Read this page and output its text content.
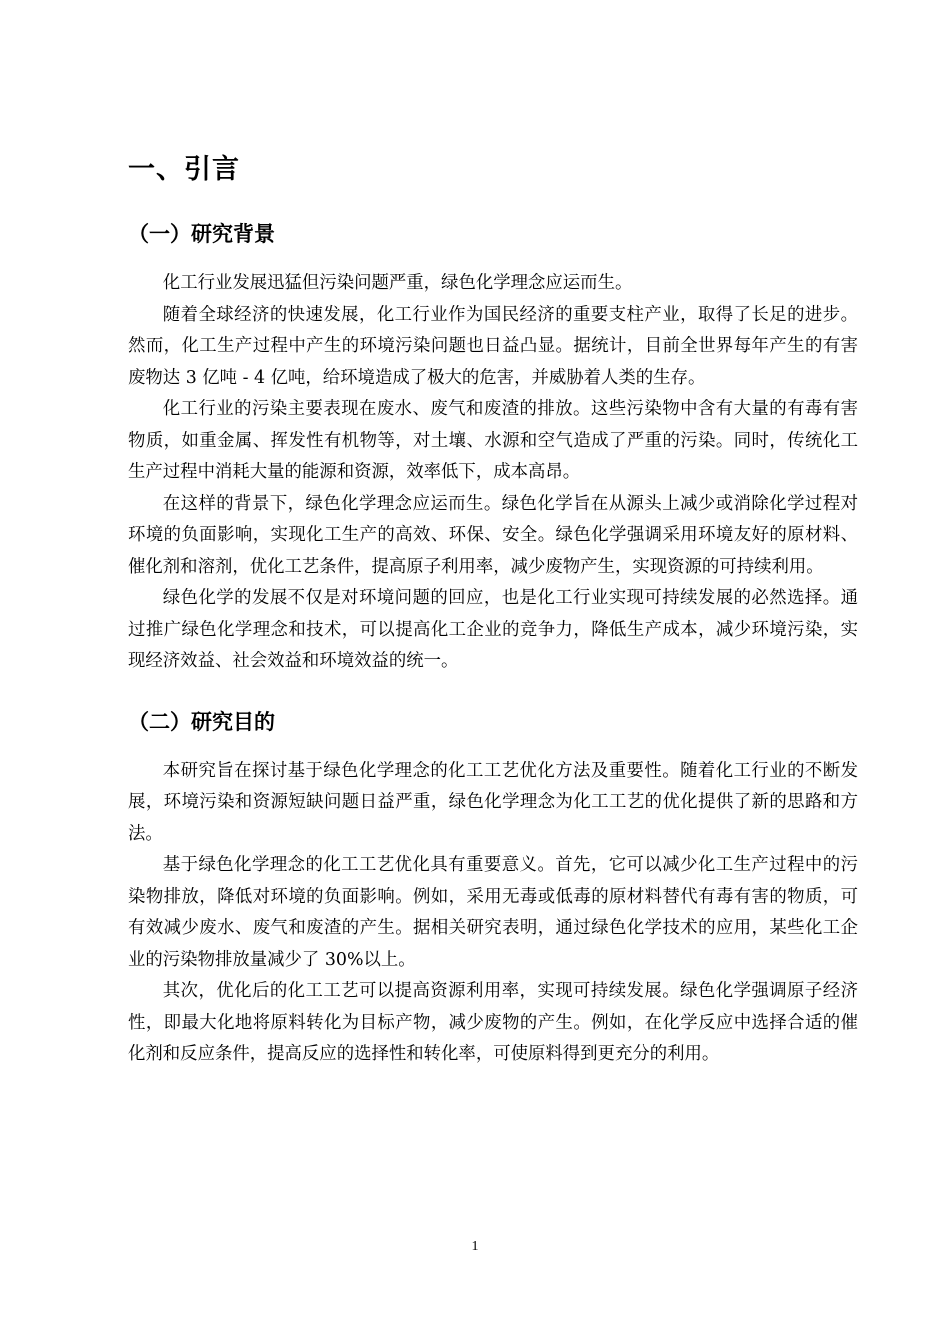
一、引言
（一）研究背景

化工行业发展迅猛但污染问题严重，绿色化学理念应运而生。

随着全球经济的快速发展，化工行业作为国民经济的重要支柱产业，取得了长足的进步。然而，化工生产过程中产生的环境污染问题也日益凸显。据统计，目前全世界每年产生的有害废物达 3 亿吨 - 4 亿吨，给环境造成了极大的危害，并威胁着人类的生存。

化工行业的污染主要表现在废水、废气和废渣的排放。这些污染物中含有大量的有毒有害物质，如重金属、挥发性有机物等，对土壤、水源和空气造成了严重的污染。同时，传统化工生产过程中消耗大量的能源和资源，效率低下，成本高昂。

在这样的背景下，绿色化学理念应运而生。绿色化学旨在从源头上减少或消除化学过程对环境的负面影响，实现化工生产的高效、环保、安全。绿色化学强调采用环境友好的原材料、催化剂和溶剂，优化工艺条件，提高原子利用率，减少废物产生，实现资源的可持续利用。

绿色化学的发展不仅是对环境问题的回应，也是化工行业实现可持续发展的必然选择。通过推广绿色化学理念和技术，可以提高化工企业的竞争力，降低生产成本，减少环境污染，实现经济效益、社会效益和环境效益的统一。

（二）研究目的

本研究旨在探讨基于绿色化学理念的化工工艺优化方法及重要性。随着化工行业的不断发展，环境污染和资源短缺问题日益严重，绿色化学理念为化工工艺的优化提供了新的思路和方法。

基于绿色化学理念的化工工艺优化具有重要意义。首先，它可以减少化工生产过程中的污染物排放，降低对环境的负面影响。例如，采用无毒或低毒的原材料替代有毒有害的物质，可有效减少废水、废气和废渣的产生。据相关研究表明，通过绿色化学技术的应用，某些化工企业的污染物排放量减少了 30%以上。

其次，优化后的化工工艺可以提高资源利用率，实现可持续发展。绿色化学强调原子经济性，即最大化地将原料转化为目标产物，减少废物的产生。例如，在化学反应中选择合适的催化剂和反应条件，提高反应的选择性和转化率，可使原料得到更充分的利用。

1
